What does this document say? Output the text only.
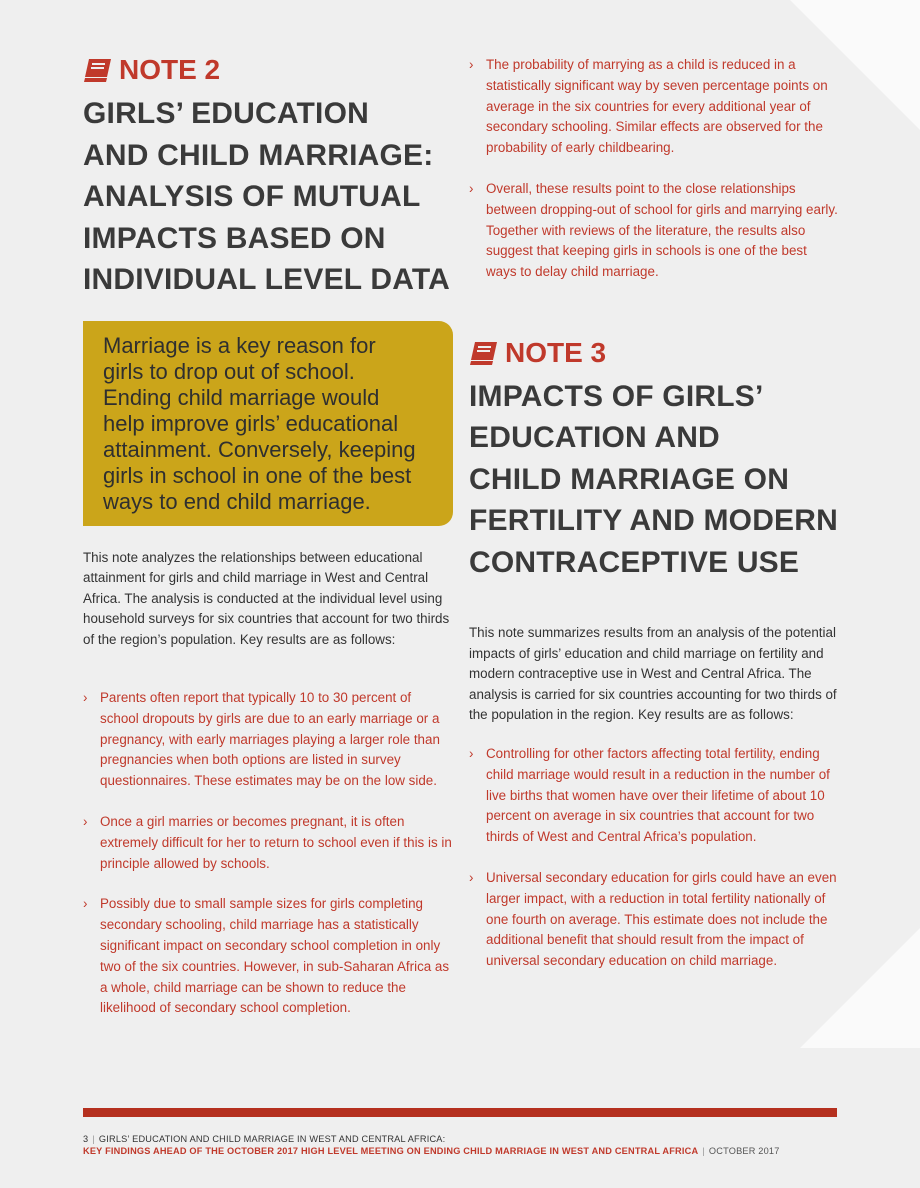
NOTE 2
GIRLS’ EDUCATION
AND CHILD MARRIAGE:
ANALYSIS OF MUTUAL
IMPACTS BASED ON
INDIVIDUAL LEVEL DATA
Marriage is a key reason for
girls to drop out of school.
Ending child marriage would
help improve girls’ educational
attainment. Conversely, keeping
girls in school in one of the best
ways to end child marriage.

This note analyzes the relationships between educational attainment for girls and child marriage in West and Central Africa. The analysis is conducted at the individual level using household surveys for six countries that account for two thirds of the region’s population. Key results are as follows:

› Parents often report that typically 10 to 30 percent of school dropouts by girls are due to an early marriage or a pregnancy, with early marriages playing a larger role than pregnancies when both options are listed in survey questionnaires. These estimates may be on the low side.
› Once a girl marries or becomes pregnant, it is often extremely difficult for her to return to school even if this is in principle allowed by schools.
› Possibly due to small sample sizes for girls completing secondary schooling, child marriage has a statistically significant impact on secondary school completion in only two of the six countries. However, in sub-Saharan Africa as a whole, child marriage can be shown to reduce the likelihood of secondary school completion.
› The probability of marrying as a child is reduced in a statistically significant way by seven percentage points on average in the six countries for every additional year of secondary schooling. Similar effects are observed for the probability of early childbearing.
› Overall, these results point to the close relationships between dropping-out of school for girls and marrying early. Together with reviews of the literature, the results also suggest that keeping girls in schools is one of the best ways to delay child marriage.
NOTE 3
IMPACTS OF GIRLS’
EDUCATION AND
CHILD MARRIAGE ON
FERTILITY AND MODERN
CONTRACEPTIVE USE

This note summarizes results from an analysis of the potential impacts of girls’ education and child marriage on fertility and modern contraceptive use in West and Central Africa. The analysis is carried for six countries accounting for two thirds of the population in the region. Key results are as follows:

› Controlling for other factors affecting total fertility, ending child marriage would result in a reduction in the number of live births that women have over their lifetime of about 10 percent on average in six countries that account for two thirds of West and Central Africa’s population.
› Universal secondary education for girls could have an even larger impact, with a reduction in total fertility nationally of one fourth on average. This estimate does not include the additional benefit that should result from the impact of universal secondary education on child marriage.
3 | GIRLS’ EDUCATION AND CHILD MARRIAGE IN WEST AND CENTRAL AFRICA:
KEY FINDINGS AHEAD OF THE OCTOBER 2017 HIGH LEVEL MEETING ON ENDING CHILD MARRIAGE IN WEST AND CENTRAL AFRICA | OCTOBER 2017
